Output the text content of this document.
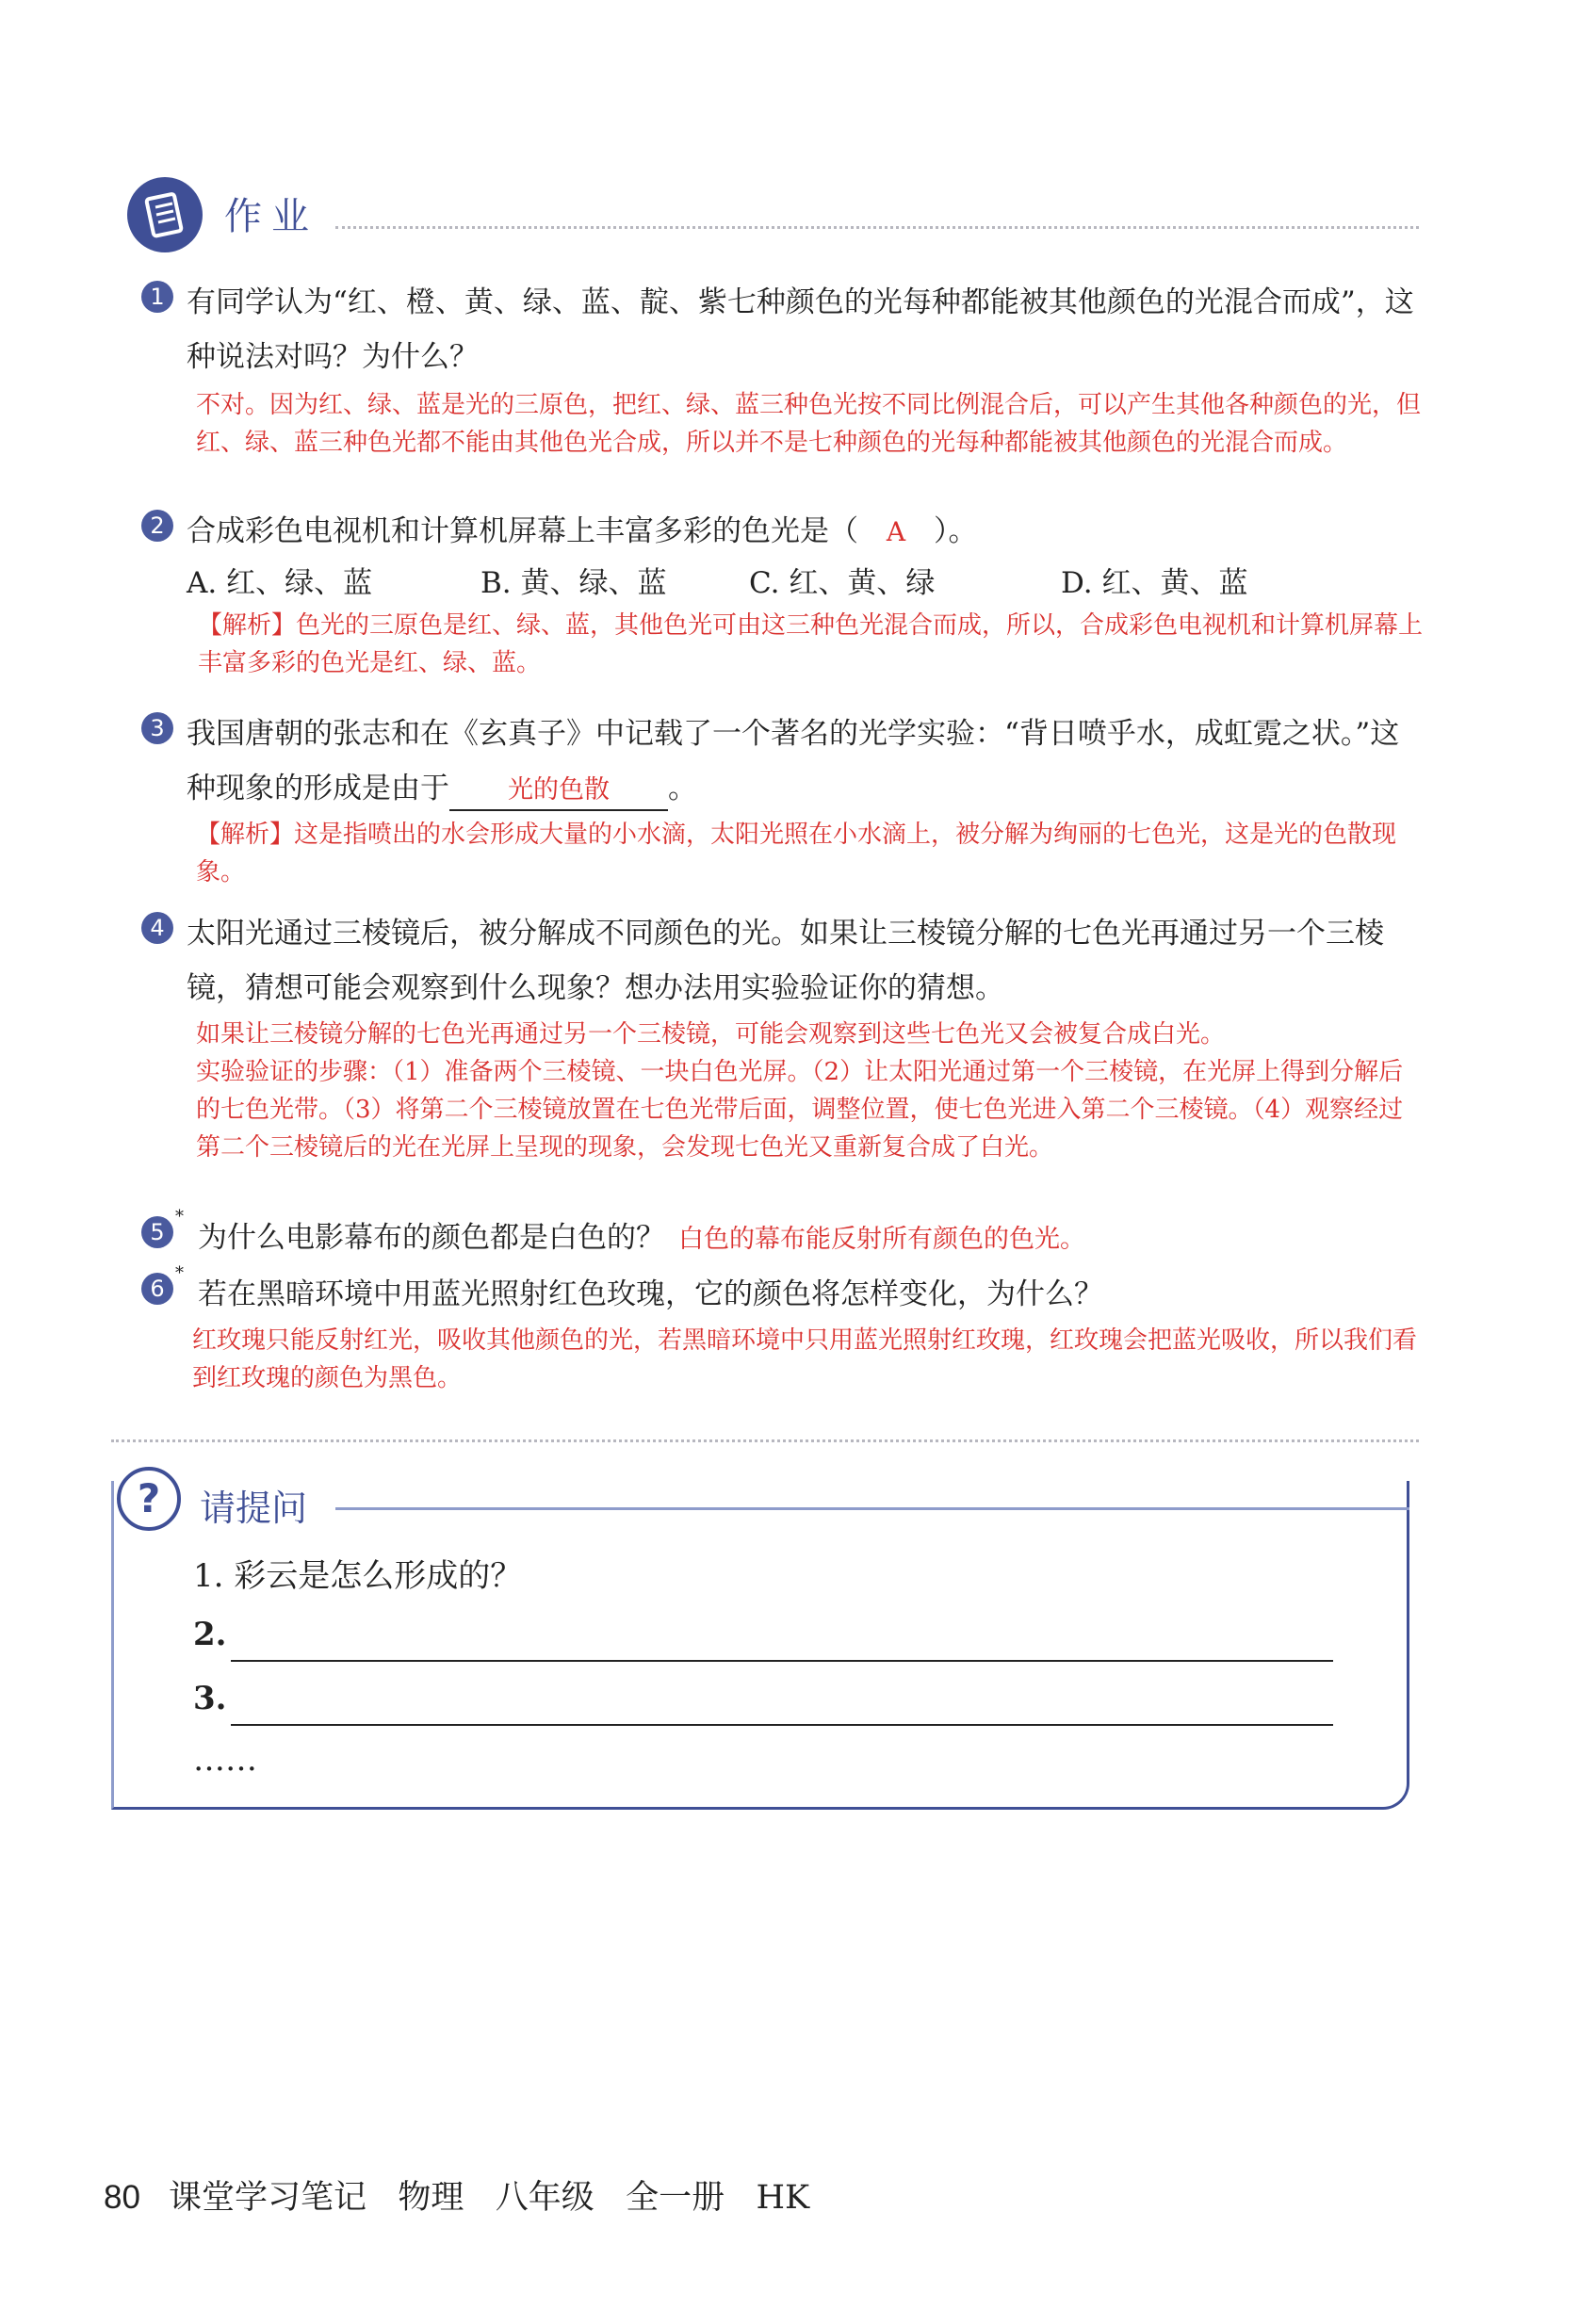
作业
1 有同学认为“红、橙、黄、绿、蓝、靛、紫七种颜色的光每种都能被其他颜色的光混合而成”，这种说法对吗？为什么？
不对。因为红、绿、蓝是光的三原色，把红、绿、蓝三种色光按不同比例混合后，可以产生其他各种颜色的光，但红、绿、蓝三种色光都不能由其他色光合成，所以并不是七种颜色的光每种都能被其他颜色的光混合而成。
2 合成彩色电视机和计算机屏幕上丰富多彩的色光是（ A ）。
A. 红、绿、蓝	B. 黄、绿、蓝	C. 红、黄、绿	D. 红、黄、蓝
【解析】色光的三原色是红、绿、蓝，其他色光可由这三种色光混合而成，所以，合成彩色电视机和计算机屏幕上丰富多彩的色光是红、绿、蓝。
3 我国唐朝的张志和在《玄真子》中记载了一个著名的光学实验：“背日喷乎水，成虹霓之状。”这种现象的形成是由于 光的色散 。
【解析】这是指喷出的水会形成大量的小水滴，太阳光照在小水滴上，被分解为绚丽的七色光，这是光的色散现象。
4 太阳光通过三棱镜后，被分解成不同颜色的光。如果让三棱镜分解的七色光再通过另一个三棱镜，猜想可能会观察到什么现象？想办法用实验验证你的猜想。
如果让三棱镜分解的七色光再通过另一个三棱镜，可能会观察到这些七色光又会被复合成白光。
实验验证的步骤：（1）准备两个三棱镜、一块白色光屏。（2）让太阳光通过第一个三棱镜，在光屏上得到分解后的七色光带。（3）将第二个三棱镜放置在七色光带后面，调整位置，使七色光进入第二个三棱镜。（4）观察经过第二个三棱镜后的光在光屏上呈现的现象，会发现七色光又重新复合成了白光。
5
*
为什么电影幕布的颜色都是白色的？ 白色的幕布能反射所有颜色的色光。
6
*
若在黑暗环境中用蓝光照射红色玫瑰，它的颜色将怎样变化，为什么？
红玫瑰只能反射红光，吸收其他颜色的光，若黑暗环境中只用蓝光照射红玫瑰，红玫瑰会把蓝光吸收，所以我们看到红玫瑰的颜色为黑色。
? 请提问
1. 彩云是怎么形成的？
2.
3.
……
80 课堂学习笔记   物理   八年级   全一册   HK
